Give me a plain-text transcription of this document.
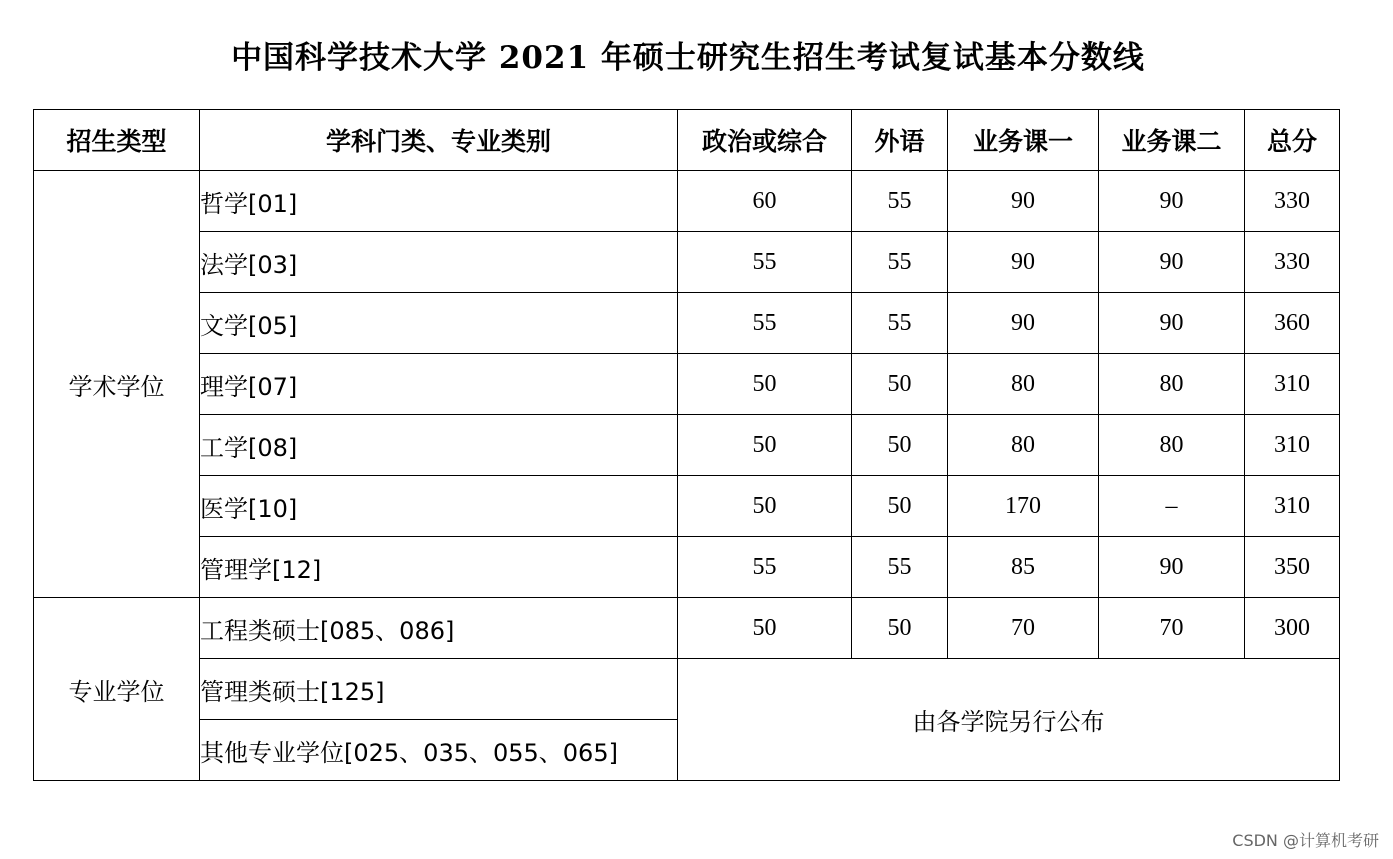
中国科学技术大学 2021 年硕士研究生招生考试复试基本分数线
招生类型	学科门类、专业类别	政治或综合	外语	业务课一	业务课二	总分
学术学位	哲学[01]	60	55	90	90	330
	法学[03]	55	55	90	90	330
	文学[05]	55	55	90	90	360
	理学[07]	50	50	80	80	310
	工学[08]	50	50	80	80	310
	医学[10]	50	50	170	–	310
	管理学[12]	55	55	85	90	350
专业学位	工程类硕士[085、086]	50	50	70	70	300
	管理类硕士[125]	由各学院另行公布				
	其他专业学位[025、035、055、065]					
CSDN @计算机考研
